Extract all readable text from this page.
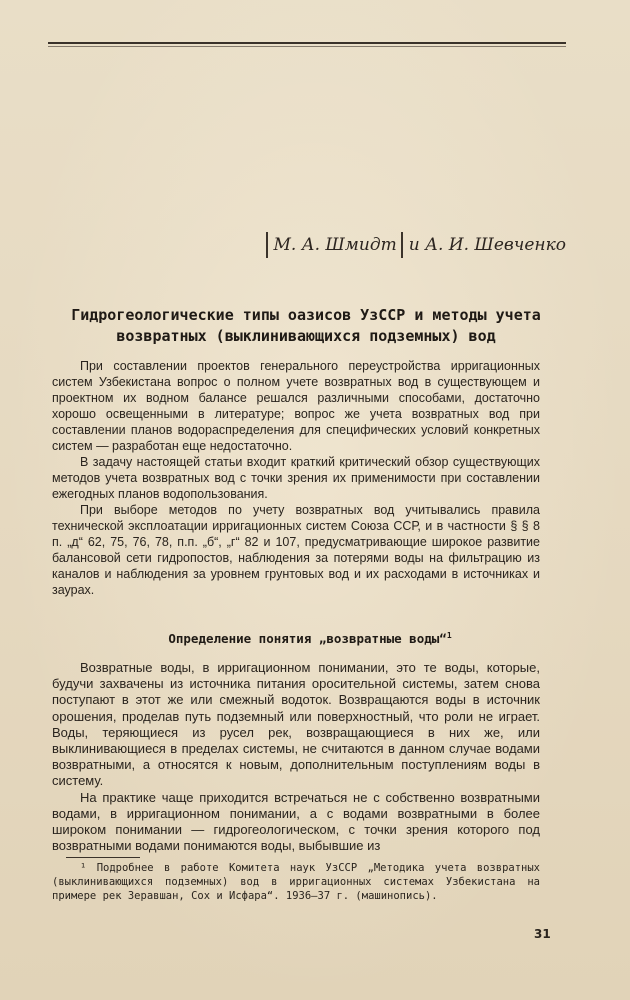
М. А. Шмидт и А. И. Шевченко
Гидрогеологические типы оазисов УзССР и методы учета возвратных (выклинивающихся подземных) вод

При составлении проектов генерального переустройства ирригационных систем Узбекистана вопрос о полном учете возвратных вод в существующем и проектном их водном балансе решался различными способами, достаточно хорошо освещенными в литературе; вопрос же учета возвратных вод при составлении планов водораспределения для специфических условий конкретных систем — разработан еще недостаточно.

В задачу настоящей статьи входит краткий критический обзор существующих методов учета возвратных вод с точки зрения их применимости при составлении ежегодных планов водопользования.

При выборе методов по учету возвратных вод учитывались правила технической эксплоатации ирригационных систем Союза ССР, и в частности § § 8 п. „д“ 62, 75, 76, 78, п.п. „б“, „г“ 82 и 107, предусматривающие широкое развитие балансовой сети гидропостов, наблюдения за потерями воды на фильтрацию из каналов и наблюдения за уровнем грунтовых вод и их расходами в источниках и заурах.

Определение понятия „возвратные воды“$^1$

Возвратные воды, в ирригационном понимании, это те воды, которые, будучи захвачены из источника питания оросительной системы, затем снова поступают в этот же или смежный водоток. Возвращаются воды в источник орошения, проделав путь подземный или поверхностный, что роли не играет. Воды, теряющиеся из русел рек, возвращающиеся в них же, или выклинивающиеся в пределах системы, не считаются в данном случае водами возвратными, а относятся к новым, дополнительным поступлениям воды в систему.

На практике чаще приходится встречаться не с собственно возвратными водами, в ирригационном понимании, а с водами возвратными в более широком понимании — гидрогеологическом, с точки зрения которого под возвратными водами понимаются воды, выбывшие из

¹ Подробнее в работе Комитета наук УзССР „Методика учета возвратных (выклинивающихся подземных) вод в ирригационных системах Узбекистана на примере рек Зеравшан, Сох и Исфара“. 1936—37 г. (машинопись).

31
